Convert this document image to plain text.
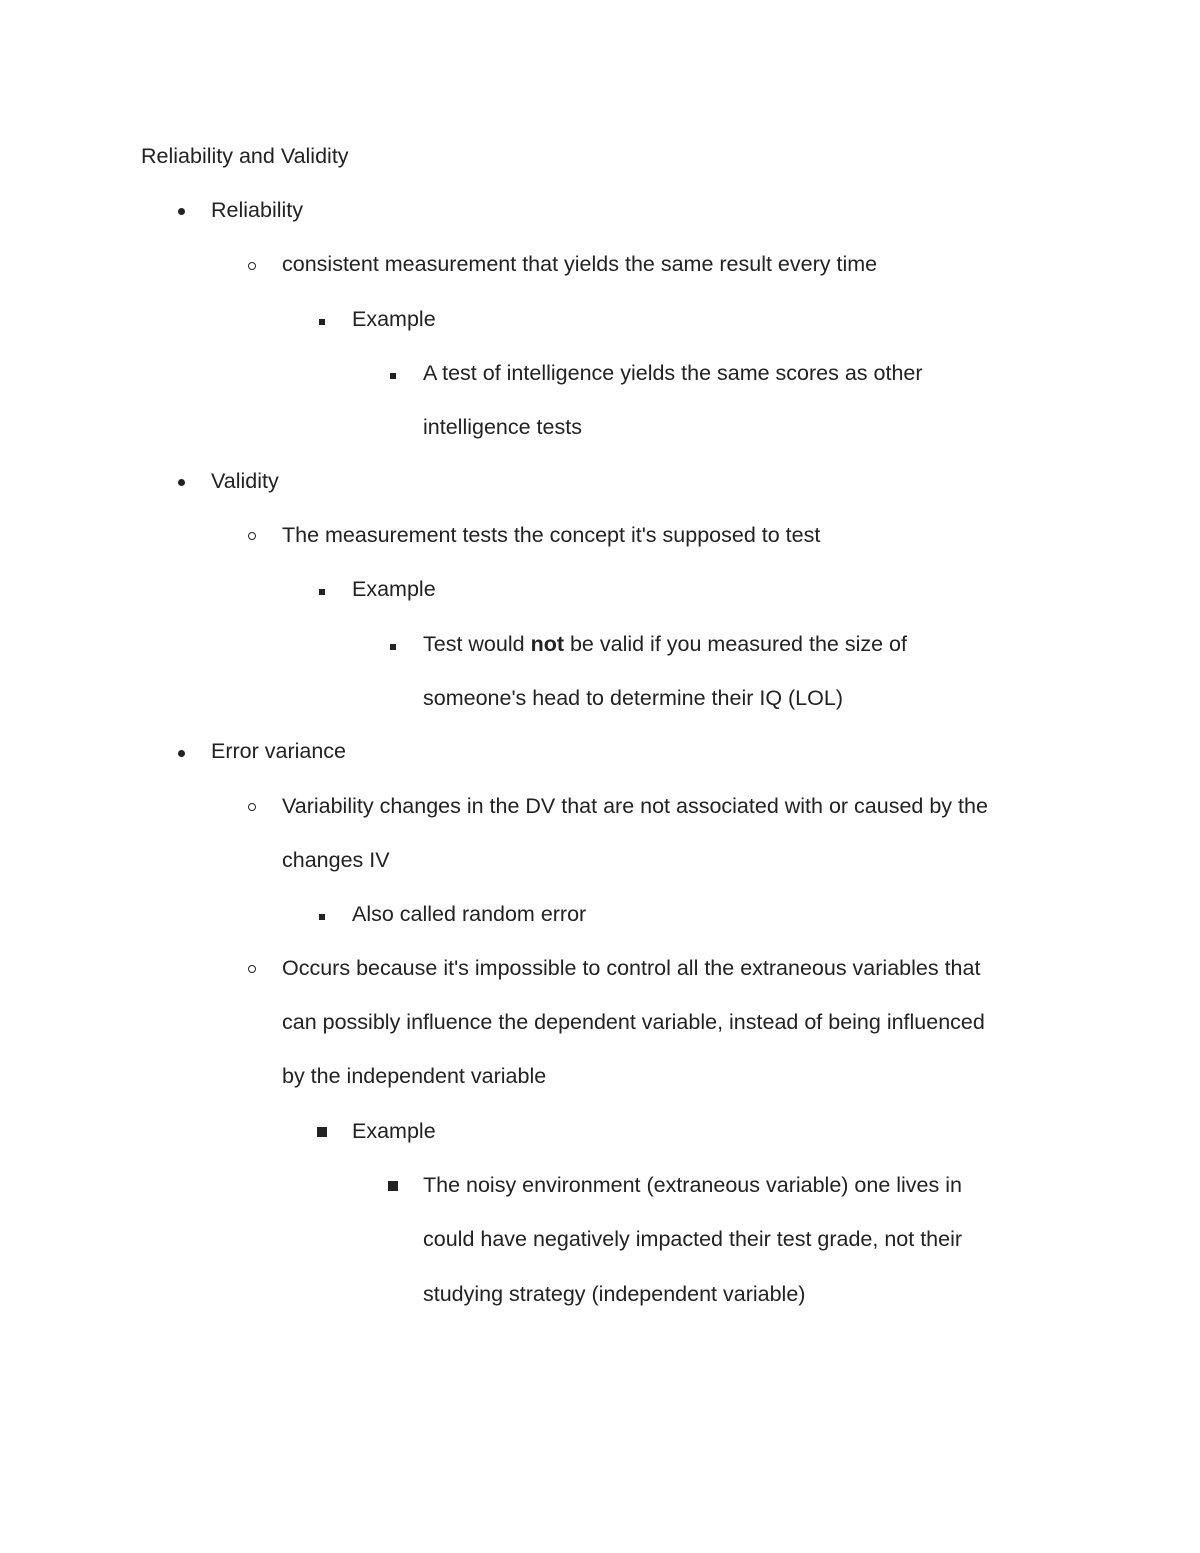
Reliability and Validity
Reliability
consistent measurement that yields the same result every time
Example
A test of intelligence yields the same scores as other
intelligence tests
Validity
The measurement tests the concept it's supposed to test
Example
Test would not be valid if you measured the size of
someone's head to determine their IQ (LOL)
Error variance
Variability changes in the DV that are not associated with or caused by the
changes IV
Also called random error
Occurs because it's impossible to control all the extraneous variables that
can possibly influence the dependent variable, instead of being influenced
by the independent variable
Example
The noisy environment (extraneous variable) one lives in
could have negatively impacted their test grade, not their
studying strategy (independent variable)
